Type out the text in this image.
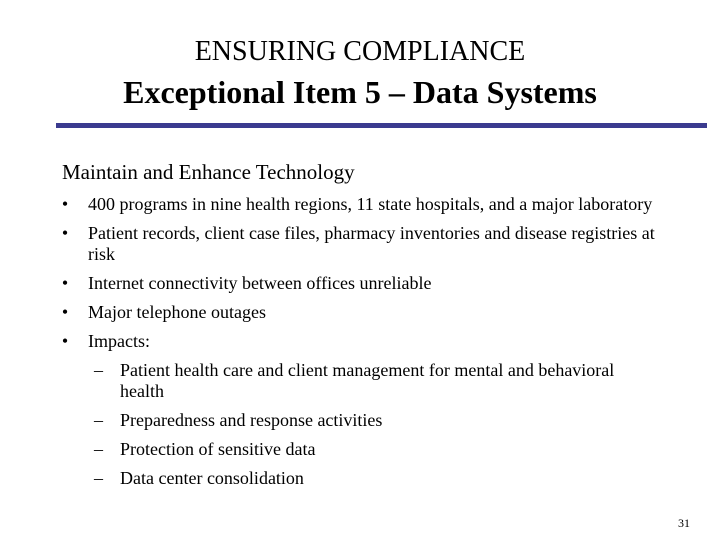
ENSURING COMPLIANCE
Exceptional Item 5 – Data Systems
Maintain and Enhance Technology
• 400 programs in nine health regions, 11 state hospitals, and a major laboratory
• Patient records, client case files, pharmacy inventories and disease registries at risk
• Internet connectivity between offices unreliable
• Major telephone outages
• Impacts:
– Patient health care and client management for mental and behavioral health
– Preparedness and response activities
– Protection of sensitive data
– Data center consolidation
31
